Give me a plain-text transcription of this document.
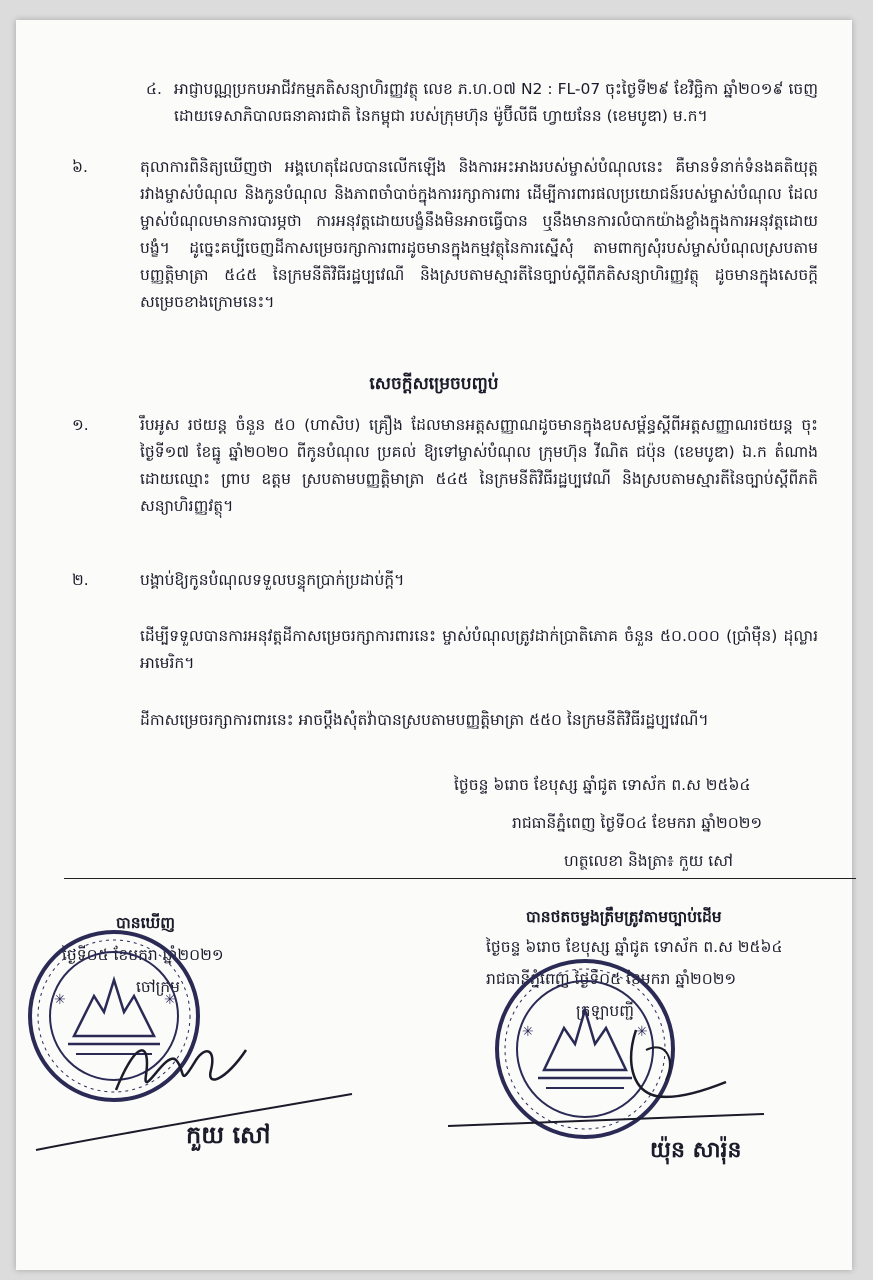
៤. អាជ្ញាបណ្ណប្រកបអាជីវកម្មភតិសន្យាហិរញ្ញវត្ថុ លេខ ភ.ហ.០៧ N2 : FL-07 ចុះថ្ងៃទី២៩ ខែវិច្ឆិកា ឆ្នាំ២០១៩ ចេញដោយទេសាភិបាលធនាគារជាតិ នៃកម្ពុជា របស់ក្រុមហ៊ុន ម៉ូប៊ីលីធី ហ្វាយនែន (ខេមបូឌា) ម.ក។
៦.	តុលាការពិនិត្យឃើញថា អង្គហេតុដែលបានលើកឡើង និងការអះអាងរបស់ម្ចាស់បំណុលនេះ គឺមានទំនាក់ទំនងគតិយុត្តរវាងម្ចាស់បំណុល និងកូនបំណុល និងភាពចាំបាច់ក្នុងការរក្សាការពារ ដើម្បីការពារផលប្រយោជន៍របស់ម្ចាស់បំណុល ដែលម្ចាស់បំណុលមានការបារម្ភថា ការអនុវត្តដោយបង្ខំនឹងមិនអាចធ្វើបាន ឬនឹងមានការលំបាកយ៉ាងខ្លាំងក្នុងការអនុវត្តដោយបង្ខំ។ ដូច្នេះគប្បីចេញដីកាសម្រេចរក្សាការពារដូចមានក្នុងកម្មវត្ថុនៃការស្នើសុំ តាមពាក្យសុំរបស់ម្ចាស់បំណុលស្របតាមបញ្ញត្តិមាត្រា ៥៤៥ នៃក្រមនីតិវិធីរដ្ឋប្បវេណី និងស្របតាមស្មារតីនៃច្បាប់ស្តីពីភតិសន្យាហិរញ្ញវត្ថុ ដូចមានក្នុងសេចក្តីសម្រេចខាងក្រោមនេះ។
សេចក្ដីសម្រេចបញ្ចប់
១.	រឹបអូស រថយន្ត ចំនួន ៥០ (ហាសិប) គ្រឿង ដែលមានអត្តសញ្ញាណដូចមានក្នុងឧបសម្ព័ន្ធស្តីពីអត្តសញ្ញាណរថយន្ត ចុះថ្ងៃទី១៧ ខែធ្នូ ឆ្នាំ២០២០ ពីកូនបំណុល ប្រគល់ ឱ្យទៅម្ចាស់បំណុល ក្រុមហ៊ុន វីណិត ជប៉ុន (ខេមបូឌា) ឯ.ក តំណាងដោយឈ្មោះ ព្រាប ឧត្តម ស្របតាមបញ្ញត្តិមាត្រា ៥៤៥ នៃក្រមនីតិវិធីរដ្ឋប្បវេណី និងស្របតាមស្មារតីនៃច្បាប់ស្តីពីភតិសន្យាហិរញ្ញវត្ថុ។
២.	បង្គាប់ឱ្យកូនបំណុលទទួលបន្ទុកប្រាក់ប្រដាប់ក្តី។
ដើម្បីទទួលបានការអនុវត្តដីកាសម្រេចរក្សាការពារនេះ ម្ចាស់បំណុលត្រូវដាក់ប្រាតិភោគ ចំនួន ៥០.០០០ (ប្រាំម៉ឺន) ដុល្លារអាមេរិក។
ដីកាសម្រេចរក្សាការពារនេះ អាចប្តឹងសុំតវ៉ាបានស្របតាមបញ្ញត្តិមាត្រា ៥៥០ នៃក្រមនីតិវិធីរដ្ឋប្បវេណី។
ថ្ងៃចន្ទ ៦រោច ខែបុស្ស ឆ្នាំជូត ទោស័ក ព.ស ២៥៦៤
រាជធានីភ្នំពេញ ថ្ងៃទី០៤ ខែមករា ឆ្នាំ២០២១
ហត្ថលេខា និងត្រា៖ កួយ សៅ
បានឃើញ
ថ្ងៃទី០៥ ខែមករា ឆ្នាំ២០២១
ចៅក្រម
បានថតចម្លងត្រឹមត្រូវតាមច្បាប់ដើម
ថ្ងៃចន្ទ ៦រោច ខែបុស្ស ឆ្នាំជូត ទោស័ក ព.ស ២៥៦៤
រាជធានីភ្នំពេញ ថ្ងៃទី០៥ ខែមករា ឆ្នាំ២០២១
ក្រឡាបញ្ជី
✳	✳
កួយ សៅ
✳	✳
យ៉ុន សារ៉ុន
